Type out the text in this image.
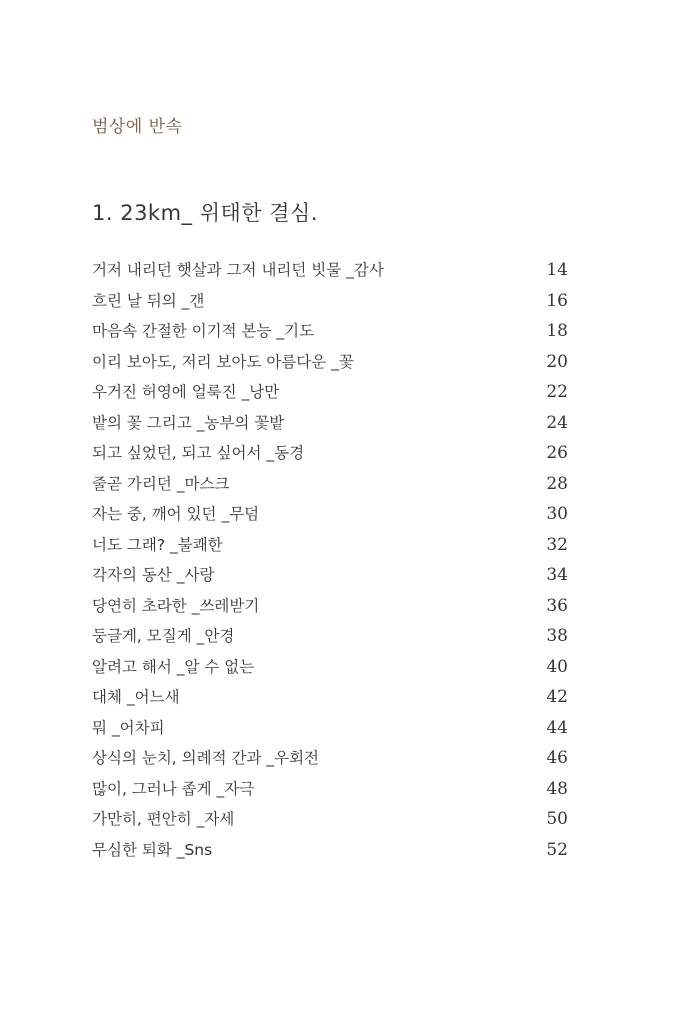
범상에 반속
1. 23km_ 위태한 결심.
거저 내리던 햇살과 그저 내리던 빗물 _감사	14
흐린 날 뒤의 _갠	16
마음속 간절한 이기적 본능 _기도	18
이리 보아도, 저리 보아도 아름다운 _꽃	20
우거진 허영에 얼룩진 _낭만	22
밭의 꽃 그리고 _농부의 꽃밭	24
되고 싶었던, 되고 싶어서 _동경	26
줄곧 가리던 _마스크	28
자는 중, 깨어 있던 _무덤	30
너도 그래? _불쾌한	32
각자의 동산 _사랑	34
당연히 초라한 _쓰레받기	36
둥글게, 모질게 _안경	38
알려고 해서 _알 수 없는	40
대체 _어느새	42
뭐 _어차피	44
상식의 눈치, 의례적 간과 _우회전	46
많이, 그러나 좁게 _자극	48
가만히, 편안히 _자세	50
무심한 퇴화 _Sns	52
